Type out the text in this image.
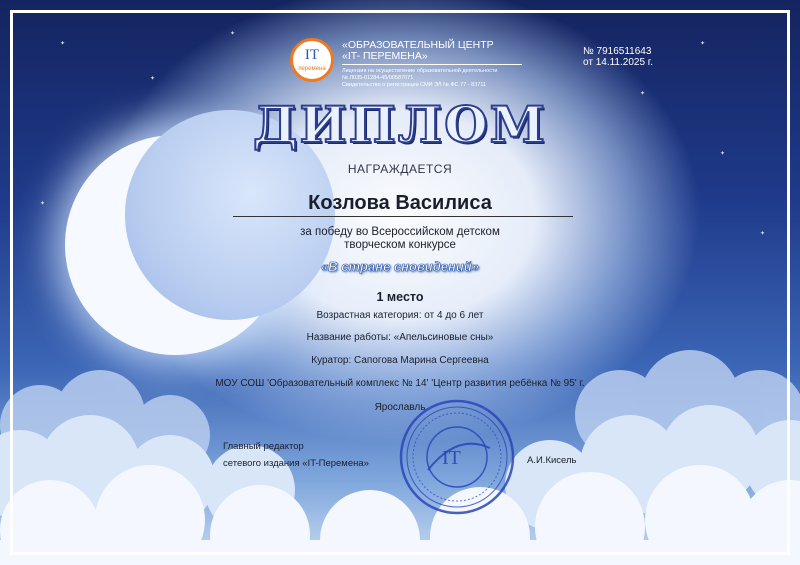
✦
✦
✦
✦
✦
✦
✦
✦
IT
перемена
«ОБРАЗОВАТЕЛЬНЫЙ ЦЕНТР
«IT- ПЕРЕМЕНА»
Лицензия на осуществление образовательной деятельности
№ Л035-01284-45/00587071
Свидетельство о регистрации СМИ ЭЛ № ФС 77 - 83711
№ 7916511643
от 14.11.2025 г.
ДИПЛОМ
НАГРАЖДАЕТСЯ
Козлова Василиса
за победу во Всероссийском детском
творческом конкурсе
«В стране сновидений»
1 место
Возрастная категория: от 4 до 6 лет
Название работы: «Апельсиновые сны»
Куратор: Сапогова Марина Сергеевна
МОУ СОШ 'Образовательный комплекс № 14' 'Центр развития ребёнка № 95' г.
Ярославль
Главный редактор
сетевого издания «IT-Перемена»	А.И.Кисель
IT
